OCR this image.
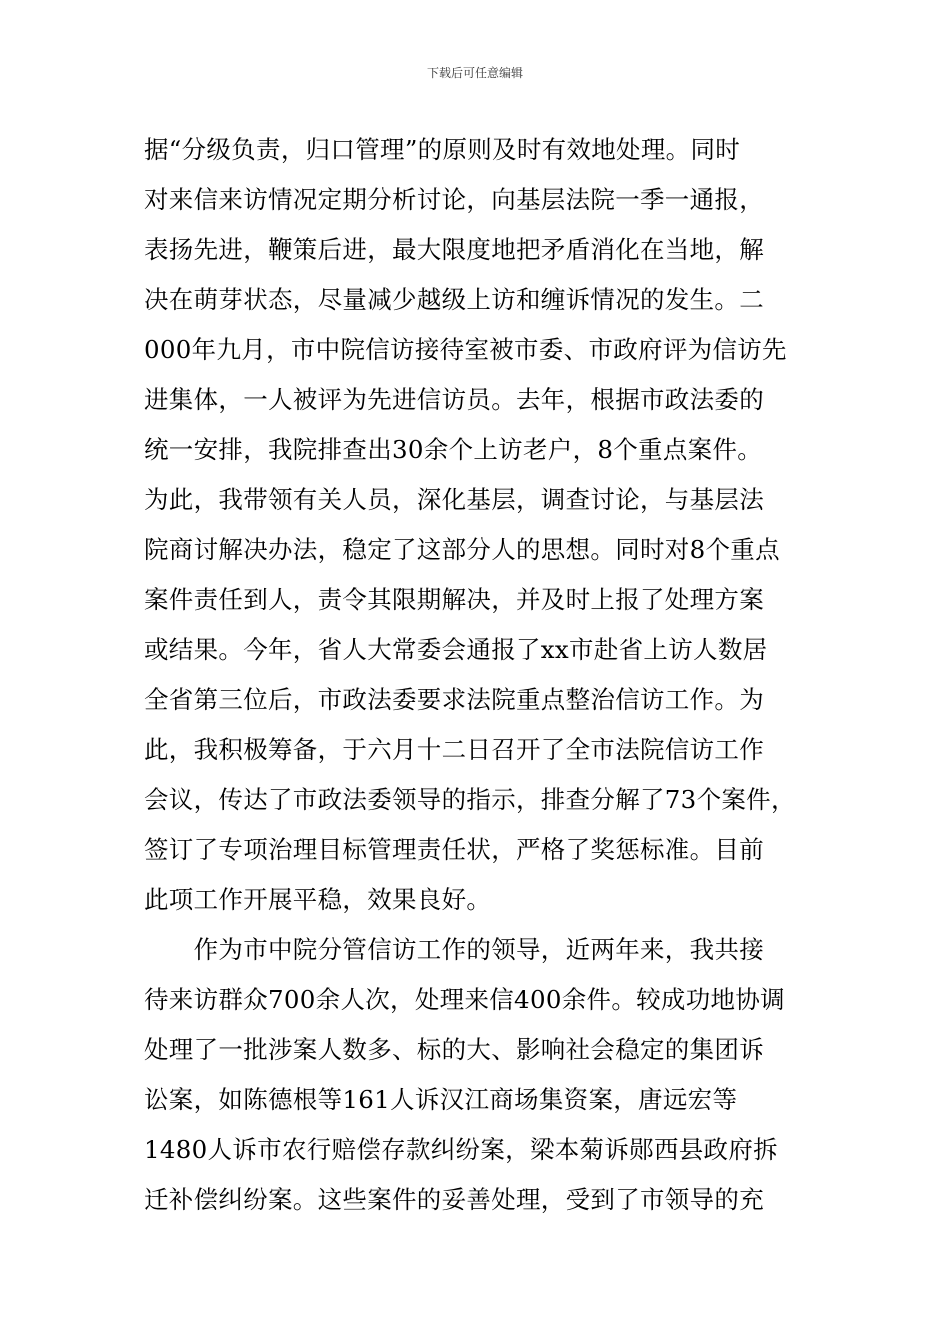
下载后可任意编辑
据“分级负责，归口管理”的原则及时有效地处理。同时
对来信来访情况定期分析讨论，向基层法院一季一通报，
表扬先进，鞭策后进，最大限度地把矛盾消化在当地，解
决在萌芽状态，尽量减少越级上访和缠诉情况的发生。二
000年九月，市中院信访接待室被市委、市政府评为信访先
进集体，一人被评为先进信访员。去年，根据市政法委的
统一安排，我院排查出30余个上访老户，8个重点案件。
为此，我带领有关人员，深化基层，调查讨论，与基层法
院商讨解决办法，稳定了这部分人的思想。同时对8个重点
案件责任到人，责令其限期解决，并及时上报了处理方案
或结果。今年，省人大常委会通报了xx市赴省上访人数居
全省第三位后，市政法委要求法院重点整治信访工作。为
此，我积极筹备，于六月十二日召开了全市法院信访工作
会议，传达了市政法委领导的指示，排查分解了73个案件，
签订了专项治理目标管理责任状，严格了奖惩标准。目前
此项工作开展平稳，效果良好。
　　作为市中院分管信访工作的领导，近两年来，我共接
待来访群众700余人次，处理来信400余件。较成功地协调
处理了一批涉案人数多、标的大、影响社会稳定的集团诉
讼案，如陈德根等161人诉汉江商场集资案，唐远宏等
1480人诉市农行赔偿存款纠纷案，梁本菊诉郧西县政府拆
迁补偿纠纷案。这些案件的妥善处理，受到了市领导的充
